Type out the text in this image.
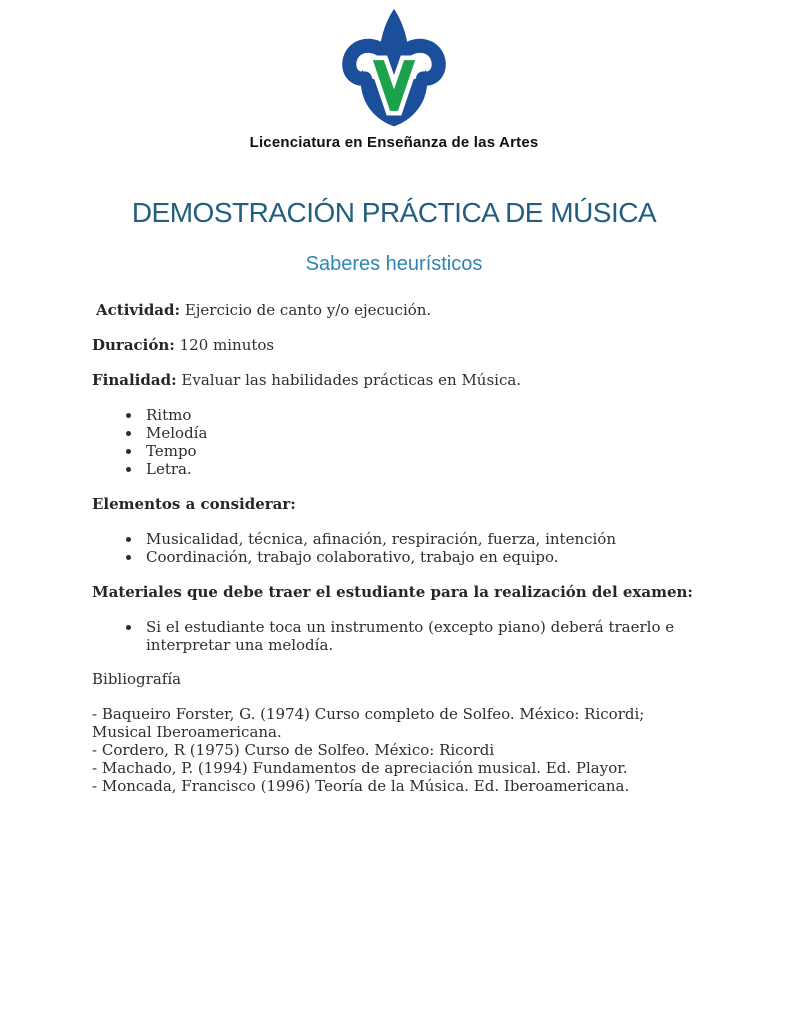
Licenciatura en Enseñanza de las Artes
DEMOSTRACIÓN PRÁCTICA DE MÚSICA
Saberes heurísticos

Actividad: Ejercicio de canto y/o ejecución.

Duración: 120 minutos

Finalidad: Evaluar las habilidades prácticas en Música.

• Ritmo
• Melodía
• Tempo
• Letra.

Elementos a considerar:

• Musicalidad, técnica, afinación, respiración, fuerza, intención
• Coordinación, trabajo colaborativo, trabajo en equipo.

Materiales que debe traer el estudiante para la realización del examen:

• Si el estudiante toca un instrumento (excepto piano) deberá traerlo e interpretar una melodía.

Bibliografía

- Baqueiro Forster, G. (1974) Curso completo de Solfeo. México: Ricordi; Musical Iberoamericana.

- Cordero, R (1975) Curso de Solfeo. México: Ricordi

- Machado, P. (1994) Fundamentos de apreciación musical. Ed. Playor.

- Moncada, Francisco (1996) Teoría de la Música. Ed. Iberoamericana.
